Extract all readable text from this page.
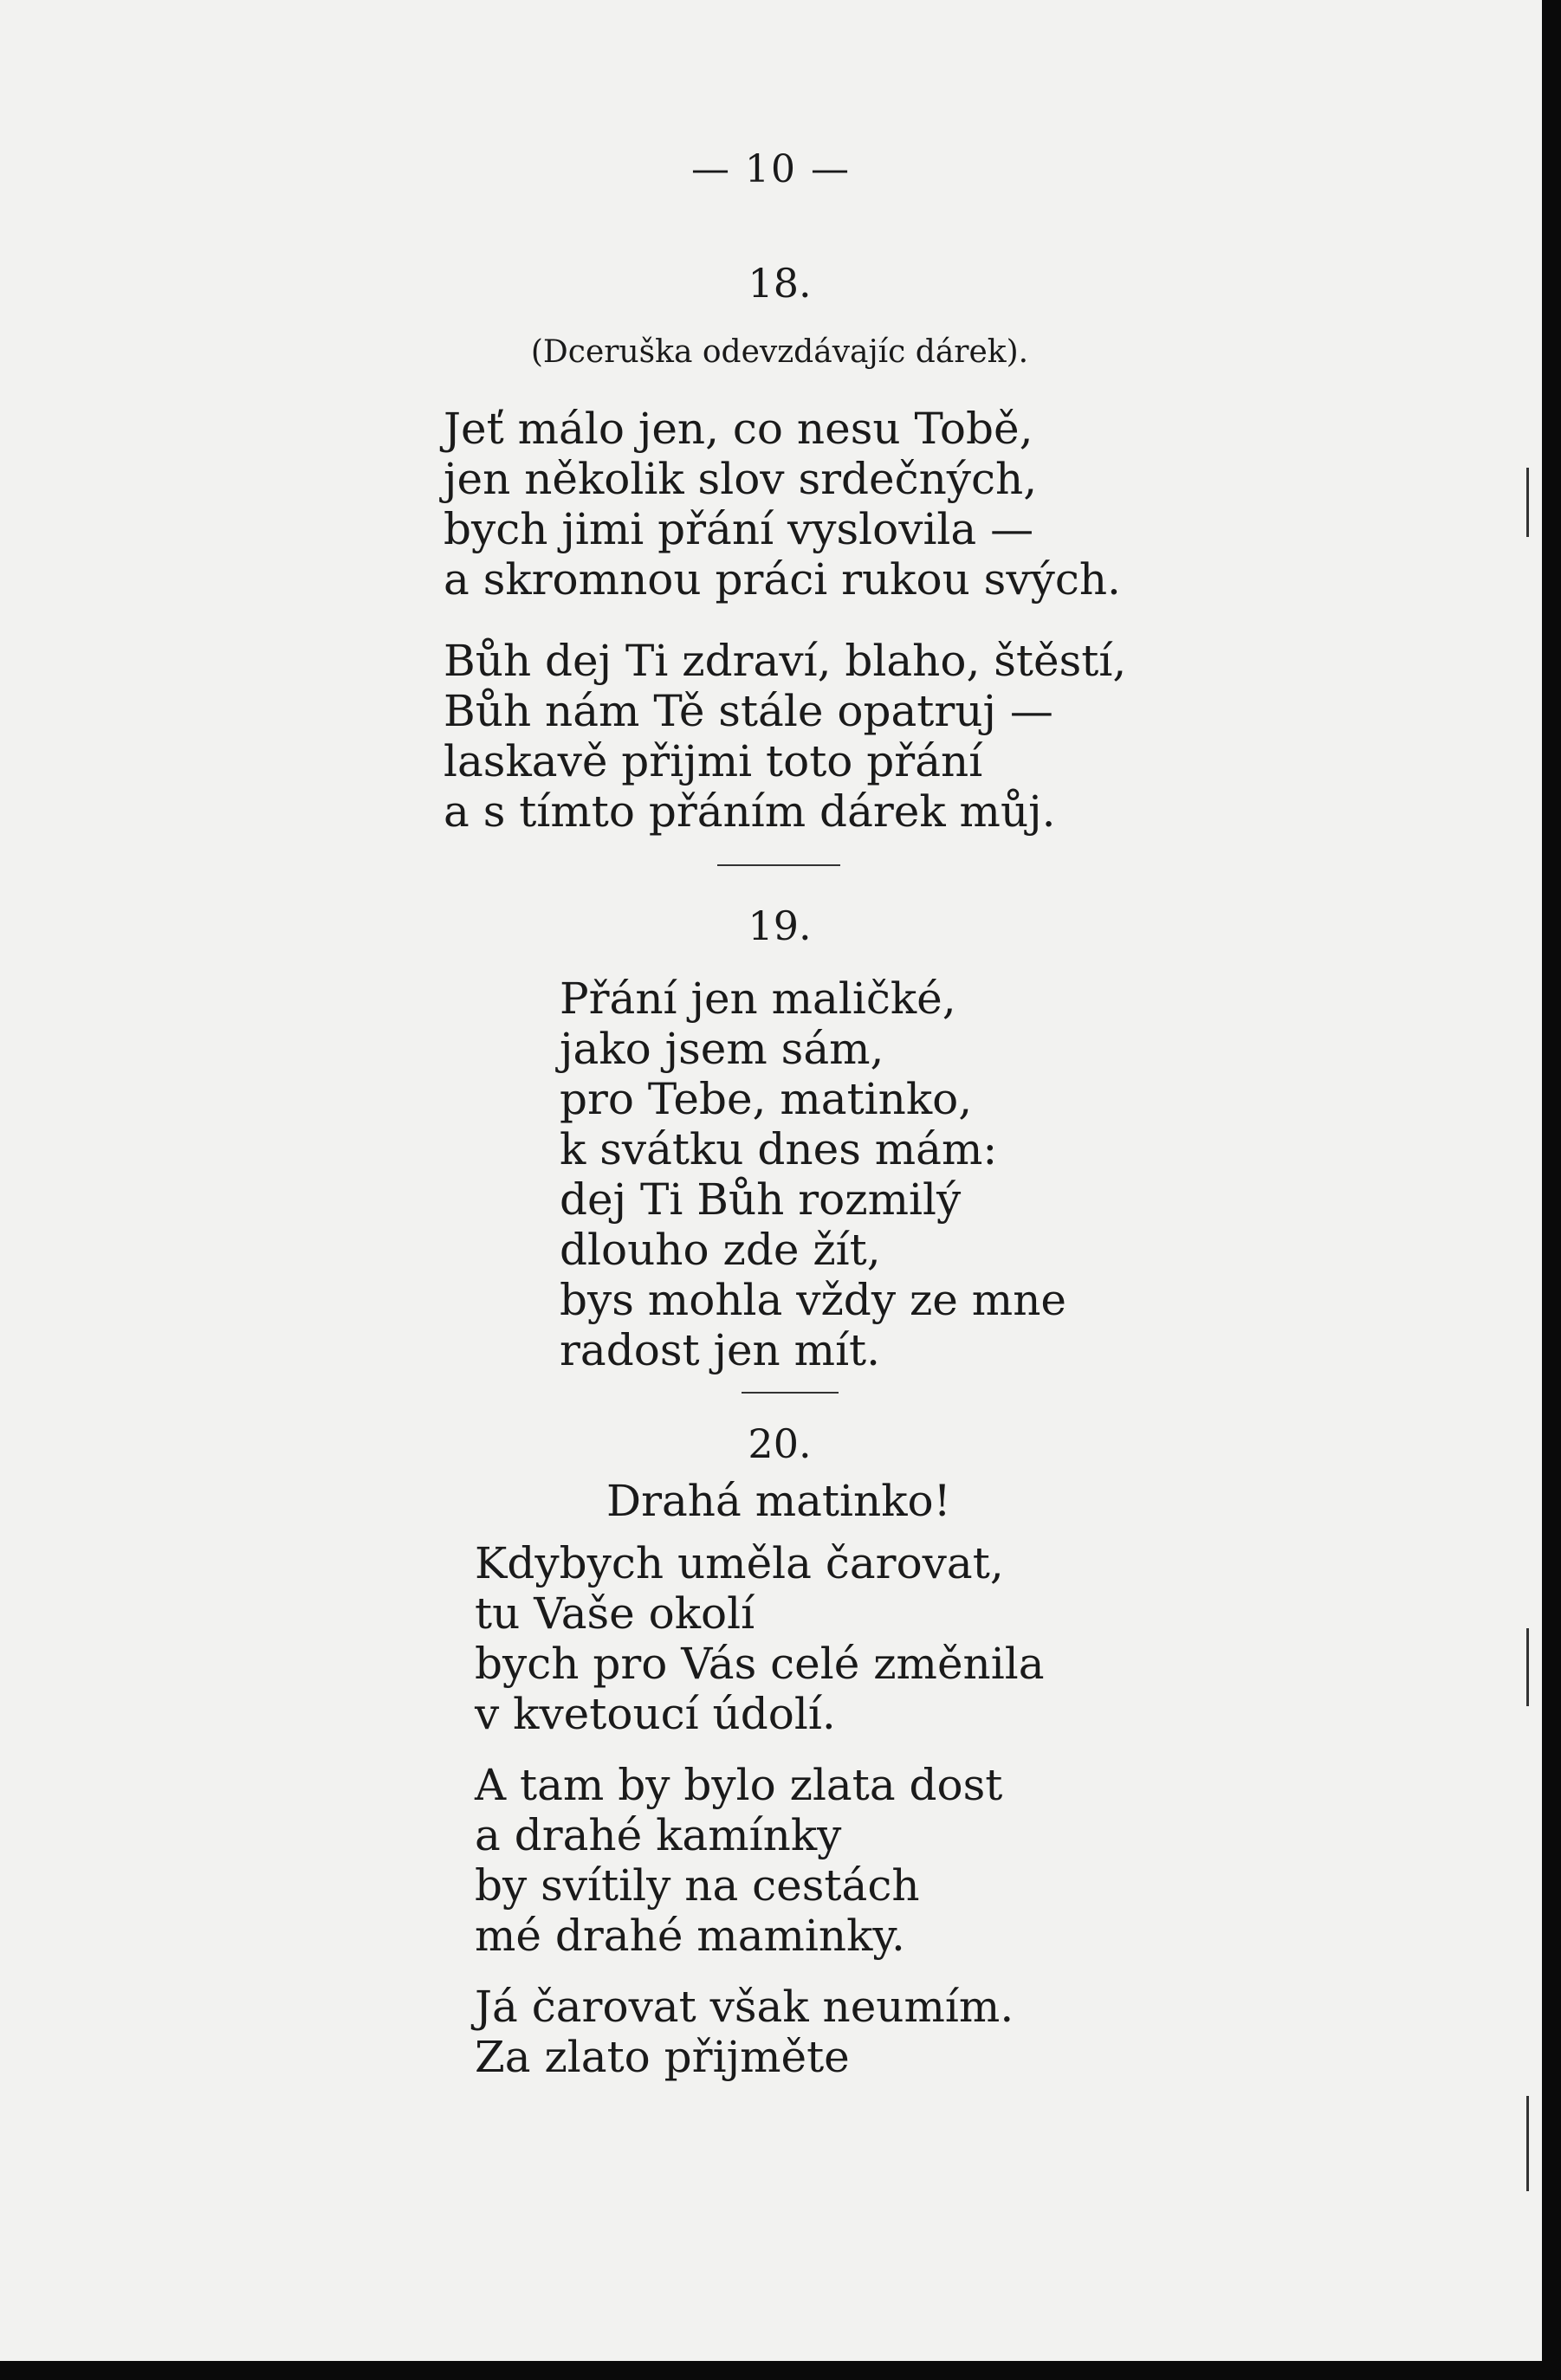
— 10 —
18.
(Dceruška odevzdávajíc dárek).
Jeť málo jen, co nesu Tobě,
jen několik slov srdečných,
bych jimi přání vyslovila —
a skromnou práci rukou svých.
Bůh dej Ti zdraví, blaho, štěstí,
Bůh nám Tě stále opatruj —
laskavě přijmi toto přání
a s tímto přáním dárek můj.
19.
Přání jen maličké,
jako jsem sám,
pro Tebe, matinko,
k svátku dnes mám:
dej Ti Bůh rozmilý
dlouho zde žít,
bys mohla vždy ze mne
radost jen mít.
20.
Drahá matinko!
Kdybych uměla čarovat,
tu Vaše okolí
bych pro Vás celé změnila
v kvetoucí údolí.
A tam by bylo zlata dost
a drahé kamínky
by svítily na cestách
mé drahé maminky.
Já čarovat však neumím.
Za zlato přijměte
